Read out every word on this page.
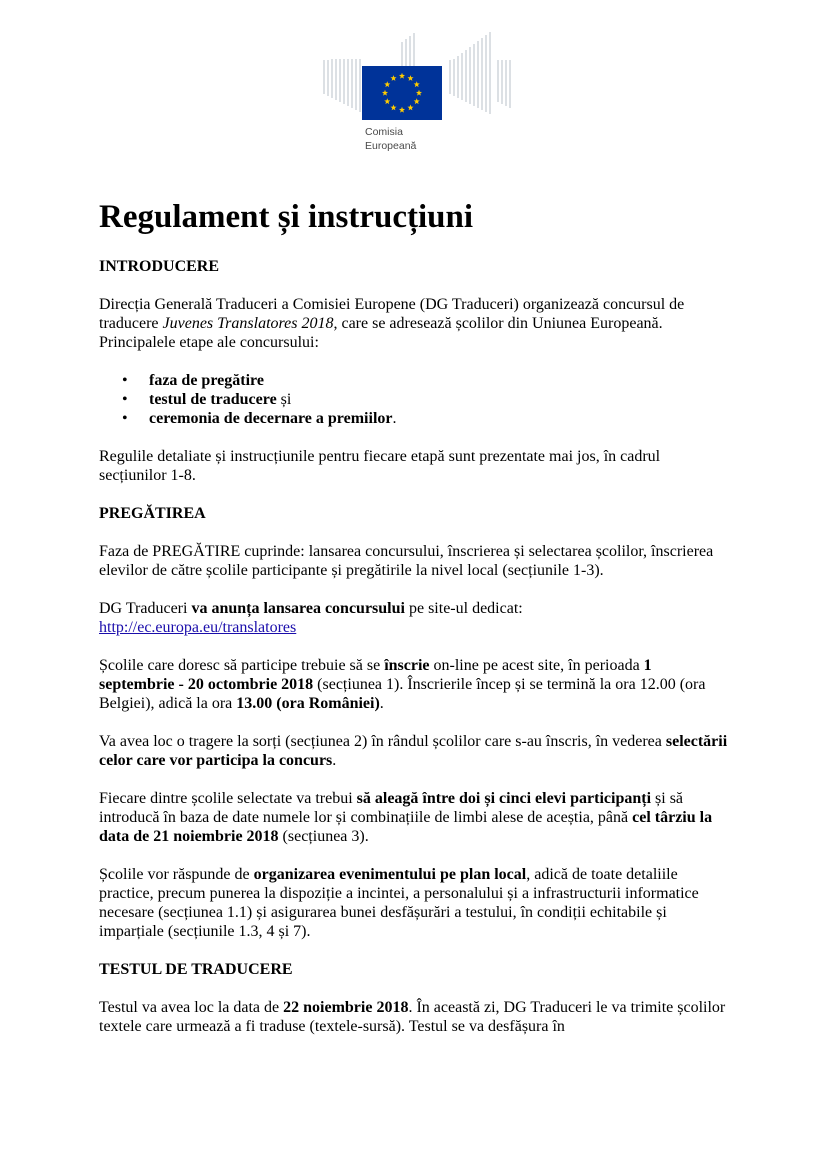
Comisia
Europeană
Regulament și instrucțiuni
INTRODUCERE

Direcția Generală Traduceri a Comisiei Europene (DG Traduceri) organizează concursul de traducere Juvenes Translatores 2018, care se adresează școlilor din Uniunea Europeană. Principalele etape ale concursului:

• faza de pregătire
• testul de traducere și
• ceremonia de decernare a premiilor.

Regulile detaliate și instrucțiunile pentru fiecare etapă sunt prezentate mai jos, în cadrul secțiunilor 1-8.

PREGĂTIREA

Faza de PREGĂTIRE cuprinde: lansarea concursului, înscrierea și selectarea școlilor, înscrierea elevilor de către școlile participante și pregătirile la nivel local (secțiunile 1-3).

DG Traduceri va anunța lansarea concursului pe site-ul dedicat:
http://ec.europa.eu/translatores

Școlile care doresc să participe trebuie să se înscrie on-line pe acest site, în perioada 1 septembrie - 20 octombrie 2018 (secțiunea 1). Înscrierile încep și se termină la ora 12.00 (ora Belgiei), adică la ora 13.00 (ora României).

Va avea loc o tragere la sorți (secțiunea 2) în rândul școlilor care s-au înscris, în vederea selectării celor care vor participa la concurs.

Fiecare dintre școlile selectate va trebui să aleagă între doi și cinci elevi participanți și să introducă în baza de date numele lor și combinațiile de limbi alese de aceștia, până cel târziu la data de 21 noiembrie 2018 (secțiunea 3).

Școlile vor răspunde de organizarea evenimentului pe plan local, adică de toate detaliile practice, precum punerea la dispoziție a incintei, a personalului și a infrastructurii informatice necesare (secțiunea 1.1) și asigurarea bunei desfășurări a testului, în condiții echitabile și imparțiale (secțiunile 1.3, 4 și 7).

TESTUL DE TRADUCERE

Testul va avea loc la data de 22 noiembrie 2018. În această zi, DG Traduceri le va trimite școlilor textele care urmează a fi traduse (textele-sursă). Testul se va desfășura în
